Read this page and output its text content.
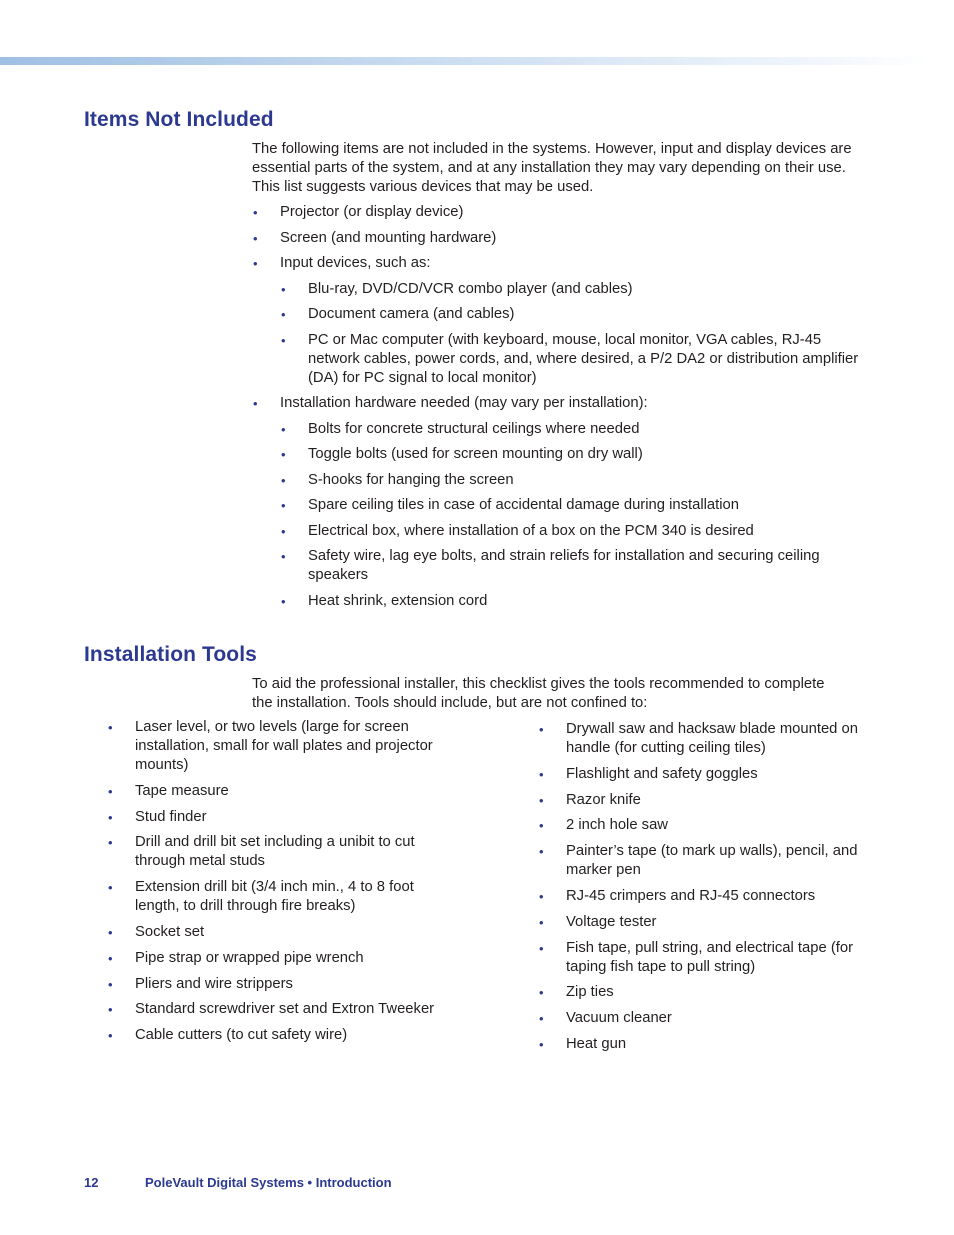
Items Not Included

The following items are not included in the systems. However, input and display devices are essential parts of the system, and at any installation they may vary depending on their use. This list suggests various devices that may be used.

• Projector (or display device)
• Screen (and mounting hardware)
• Input devices, such as:
• Blu-ray, DVD/CD/VCR combo player (and cables)
• Document camera (and cables)
• PC or Mac computer (with keyboard, mouse, local monitor, VGA cables, RJ-45 network cables, power cords, and, where desired, a P/2 DA2 or distribution amplifier (DA) for PC signal to local monitor)
• Installation hardware needed (may vary per installation):
• Bolts for concrete structural ceilings where needed
• Toggle bolts (used for screen mounting on dry wall)
• S-hooks for hanging the screen
• Spare ceiling tiles in case of accidental damage during installation
• Electrical box, where installation of a box on the PCM 340 is desired
• Safety wire, lag eye bolts, and strain reliefs for installation and securing ceiling speakers
• Heat shrink, extension cord
Installation Tools

To aid the professional installer, this checklist gives the tools recommended to complete the installation. Tools should include, but are not confined to:

• Laser level, or two levels (large for screen installation, small for wall plates and projector mounts)
• Tape measure
• Stud finder
• Drill and drill bit set including a unibit to cut through metal studs
• Extension drill bit (3/4 inch min., 4 to 8 foot length, to drill through fire breaks)
• Socket set
• Pipe strap or wrapped pipe wrench
• Pliers and wire strippers
• Standard screwdriver set and Extron Tweeker
• Cable cutters (to cut safety wire)
• Drywall saw and hacksaw blade mounted on handle (for cutting ceiling tiles)
• Flashlight and safety goggles
• Razor knife
• 2 inch hole saw
• Painter’s tape (to mark up walls), pencil, and marker pen
• RJ-45 crimpers and RJ-45 connectors
• Voltage tester
• Fish tape, pull string, and electrical tape (for taping fish tape to pull string)
• Zip ties
• Vacuum cleaner
• Heat gun
12	PoleVault Digital Systems • Introduction
